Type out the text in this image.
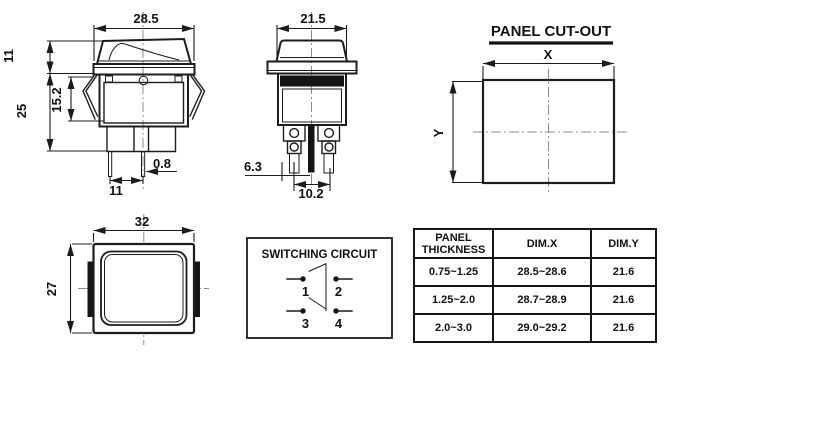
28.5
11
25 15.2
11
0.8
21.5
6.3
10.2
PANEL CUT-OUT
X
Y
32
27
SWITCHING CIRCUIT
1 2
3 4
PANEL THICKNESS	DIM.X	DIM.Y
0.75~1.25	28.5~28.6	21.6
1.25~2.0	28.7~28.9	21.6
2.0~3.0	29.0~29.2	21.6
